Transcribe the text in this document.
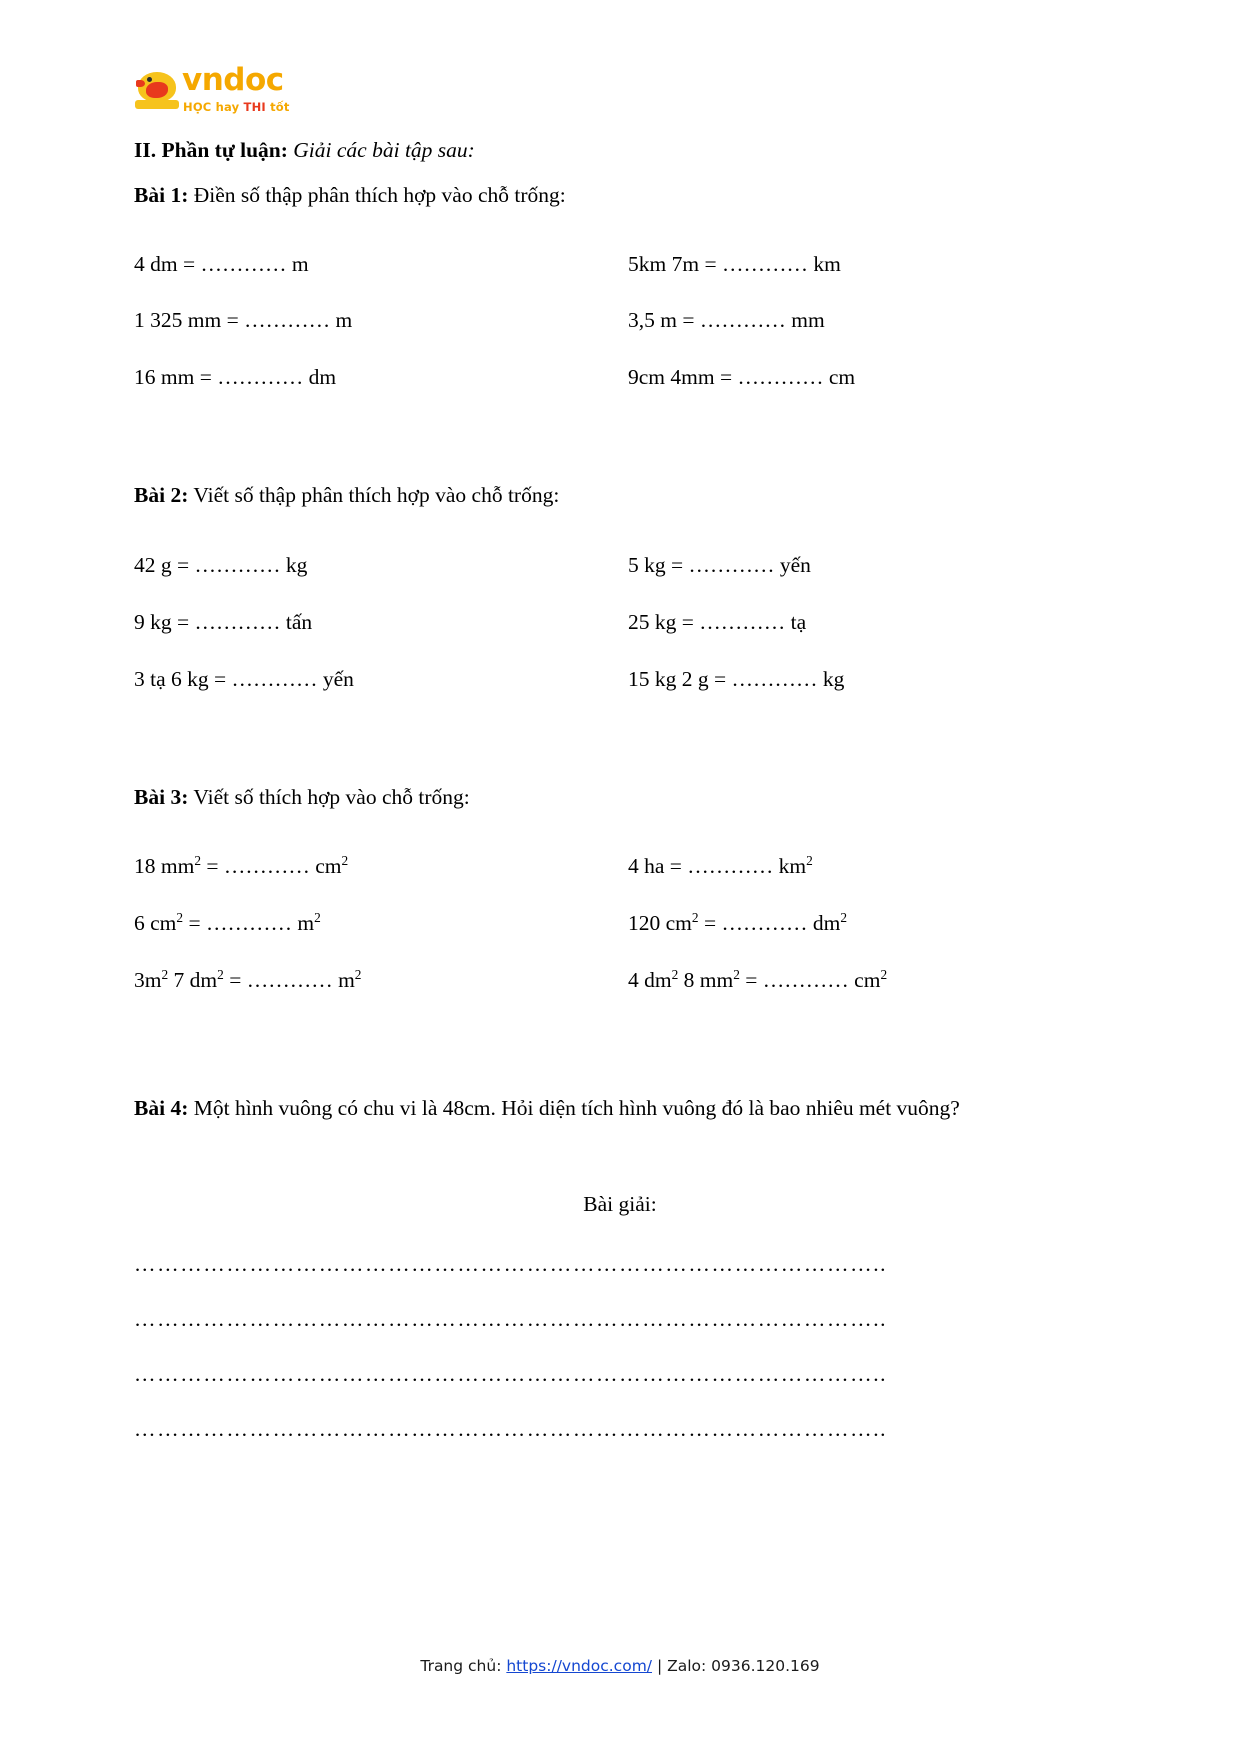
vndoc
HỌC hay THI tốt
II. Phần tự luận: Giải các bài tập sau:
Bài 1: Điền số thập phân thích hợp vào chỗ trống:
4 dm = ………… m	5km 7m = ………… km
1 325 mm = ………… m	3,5 m = ………… mm
16 mm = ………… dm	9cm 4mm = ………… cm
Bài 2: Viết số thập phân thích hợp vào chỗ trống:
42 g = ………… kg	5 kg = ………… yến
9 kg = ………… tấn	25 kg = ………… tạ
3 tạ 6 kg = ………… yến	15 kg 2 g = ………… kg
Bài 3: Viết số thích hợp vào chỗ trống:
18 $mm^2$ = ………… $cm^2$	4 ha = ………… $km^2$
6 $cm^2$ = ………… $m^2$	120 $cm^2$ = ………… $dm^2$
$3m^2$ 7 $dm^2$ = ………… $m^2$	4 $dm^2$ 8 $mm^2$ = ………… $cm^2$
Bài 4: Một hình vuông có chu vi là 48cm. Hỏi diện tích hình vuông đó là bao nhiêu mét vuông?
Bài giải:
……………………………………………………………………………………..
……………………………………………………………………………………..
……………………………………………………………………………………..
……………………………………………………………………………………..
Trang chủ: https://vndoc.com/ | Zalo: 0936.120.169
